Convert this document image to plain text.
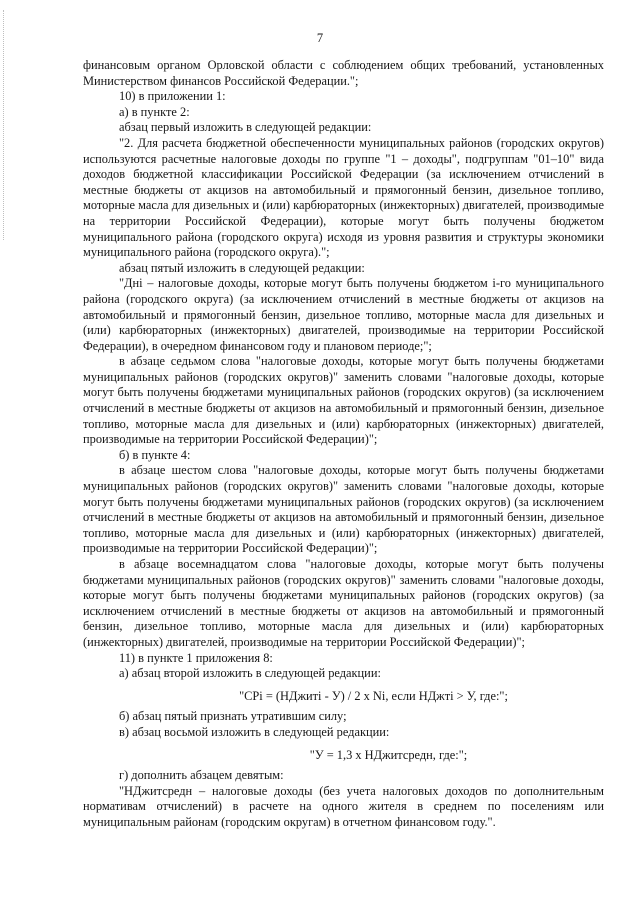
7

финансовым органом Орловской области с соблюдением общих требований, установленных Министерством финансов Российской Федерации.";

10) в приложении 1:

а) в пункте 2:

абзац первый изложить в следующей редакции:

"2. Для расчета бюджетной обеспеченности муниципальных районов (городских округов) используются расчетные налоговые доходы по группе "1 – доходы", подгруппам "01–10" вида доходов бюджетной классификации Российской Федерации (за исключением отчислений в местные бюджеты от акцизов на автомобильный и прямогонный бензин, дизельное топливо, моторные масла для дизельных и (или) карбюраторных (инжекторных) двигателей, производимые на территории Российской Федерации), которые могут быть получены бюджетом муниципального района (городского округа) исходя из уровня развития и структуры экономики муниципального района (городского округа).";

абзац пятый изложить в следующей редакции:

"Днi – налоговые доходы, которые могут быть получены бюджетом i-го муниципального района (городского округа) (за исключением отчислений в местные бюджеты от акцизов на автомобильный и прямогонный бензин, дизельное топливо, моторные масла для дизельных и (или) карбюраторных (инжекторных) двигателей, производимые на территории Российской Федерации), в очередном финансовом году и плановом периоде;";

в абзаце седьмом слова "налоговые доходы, которые могут быть получены бюджетами муниципальных районов (городских округов)" заменить словами "налоговые доходы, которые могут быть получены бюджетами муниципальных районов (городских округов) (за исключением отчислений в местные бюджеты от акцизов на автомобильный и прямогонный бензин, дизельное топливо, моторные масла для дизельных и (или) карбюраторных (инжекторных) двигателей, производимые на территории Российской Федерации)";

б) в пункте 4:

в абзаце шестом слова "налоговые доходы, которые могут быть получены бюджетами муниципальных районов (городских округов)" заменить словами "налоговые доходы, которые могут быть получены бюджетами муниципальных районов (городских округов) (за исключением отчислений в местные бюджеты от акцизов на автомобильный и прямогонный бензин, дизельное топливо, моторные масла для дизельных и (или) карбюраторных (инжекторных) двигателей, производимые на территории Российской Федерации)";

в абзаце восемнадцатом слова "налоговые доходы, которые могут быть получены бюджетами муниципальных районов (городских округов)" заменить словами "налоговые доходы, которые могут быть получены бюджетами муниципальных районов (городских округов) (за исключением отчислений в местные бюджеты от акцизов на автомобильный и прямогонный бензин, дизельное топливо, моторные масла для дизельных и (или) карбюраторных (инжекторных) двигателей, производимые на территории Российской Федерации)";

11) в пункте 1 приложения 8:

а) абзац второй изложить в следующей редакции:

"СРi = (НДжитi - У) / 2 х Ni, если НДжтi > У, где:";

б) абзац пятый признать утратившим силу;

в) абзац восьмой изложить в следующей редакции:

"У = 1,3 х НДжитсредн, где:";

г) дополнить абзацем девятым:

"НДжитсредн – налоговые доходы (без учета налоговых доходов по дополнительным нормативам отчислений) в расчете на одного жителя в среднем по поселениям или муниципальным районам (городским округам) в отчетном финансовом году.".
